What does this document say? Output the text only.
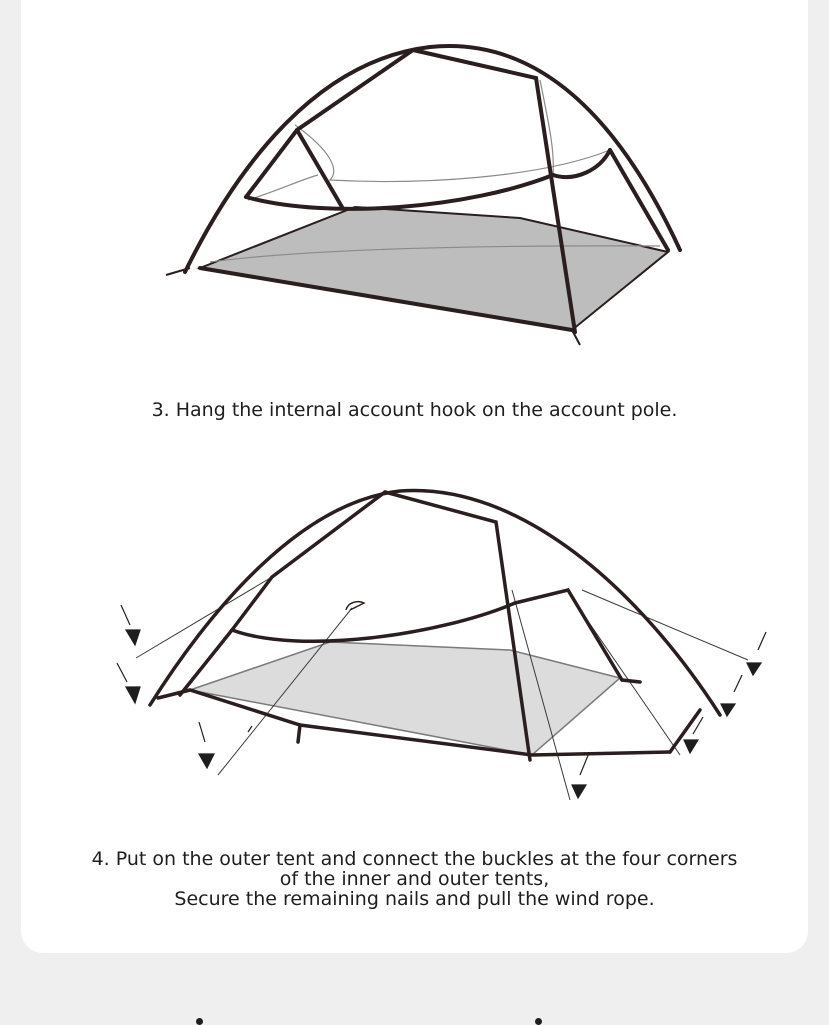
3. Hang the internal account hook on the account pole.
4. Put on the outer tent and connect the buckles at the four corners
of the inner and outer tents,
Secure the remaining nails and pull the wind rope.
